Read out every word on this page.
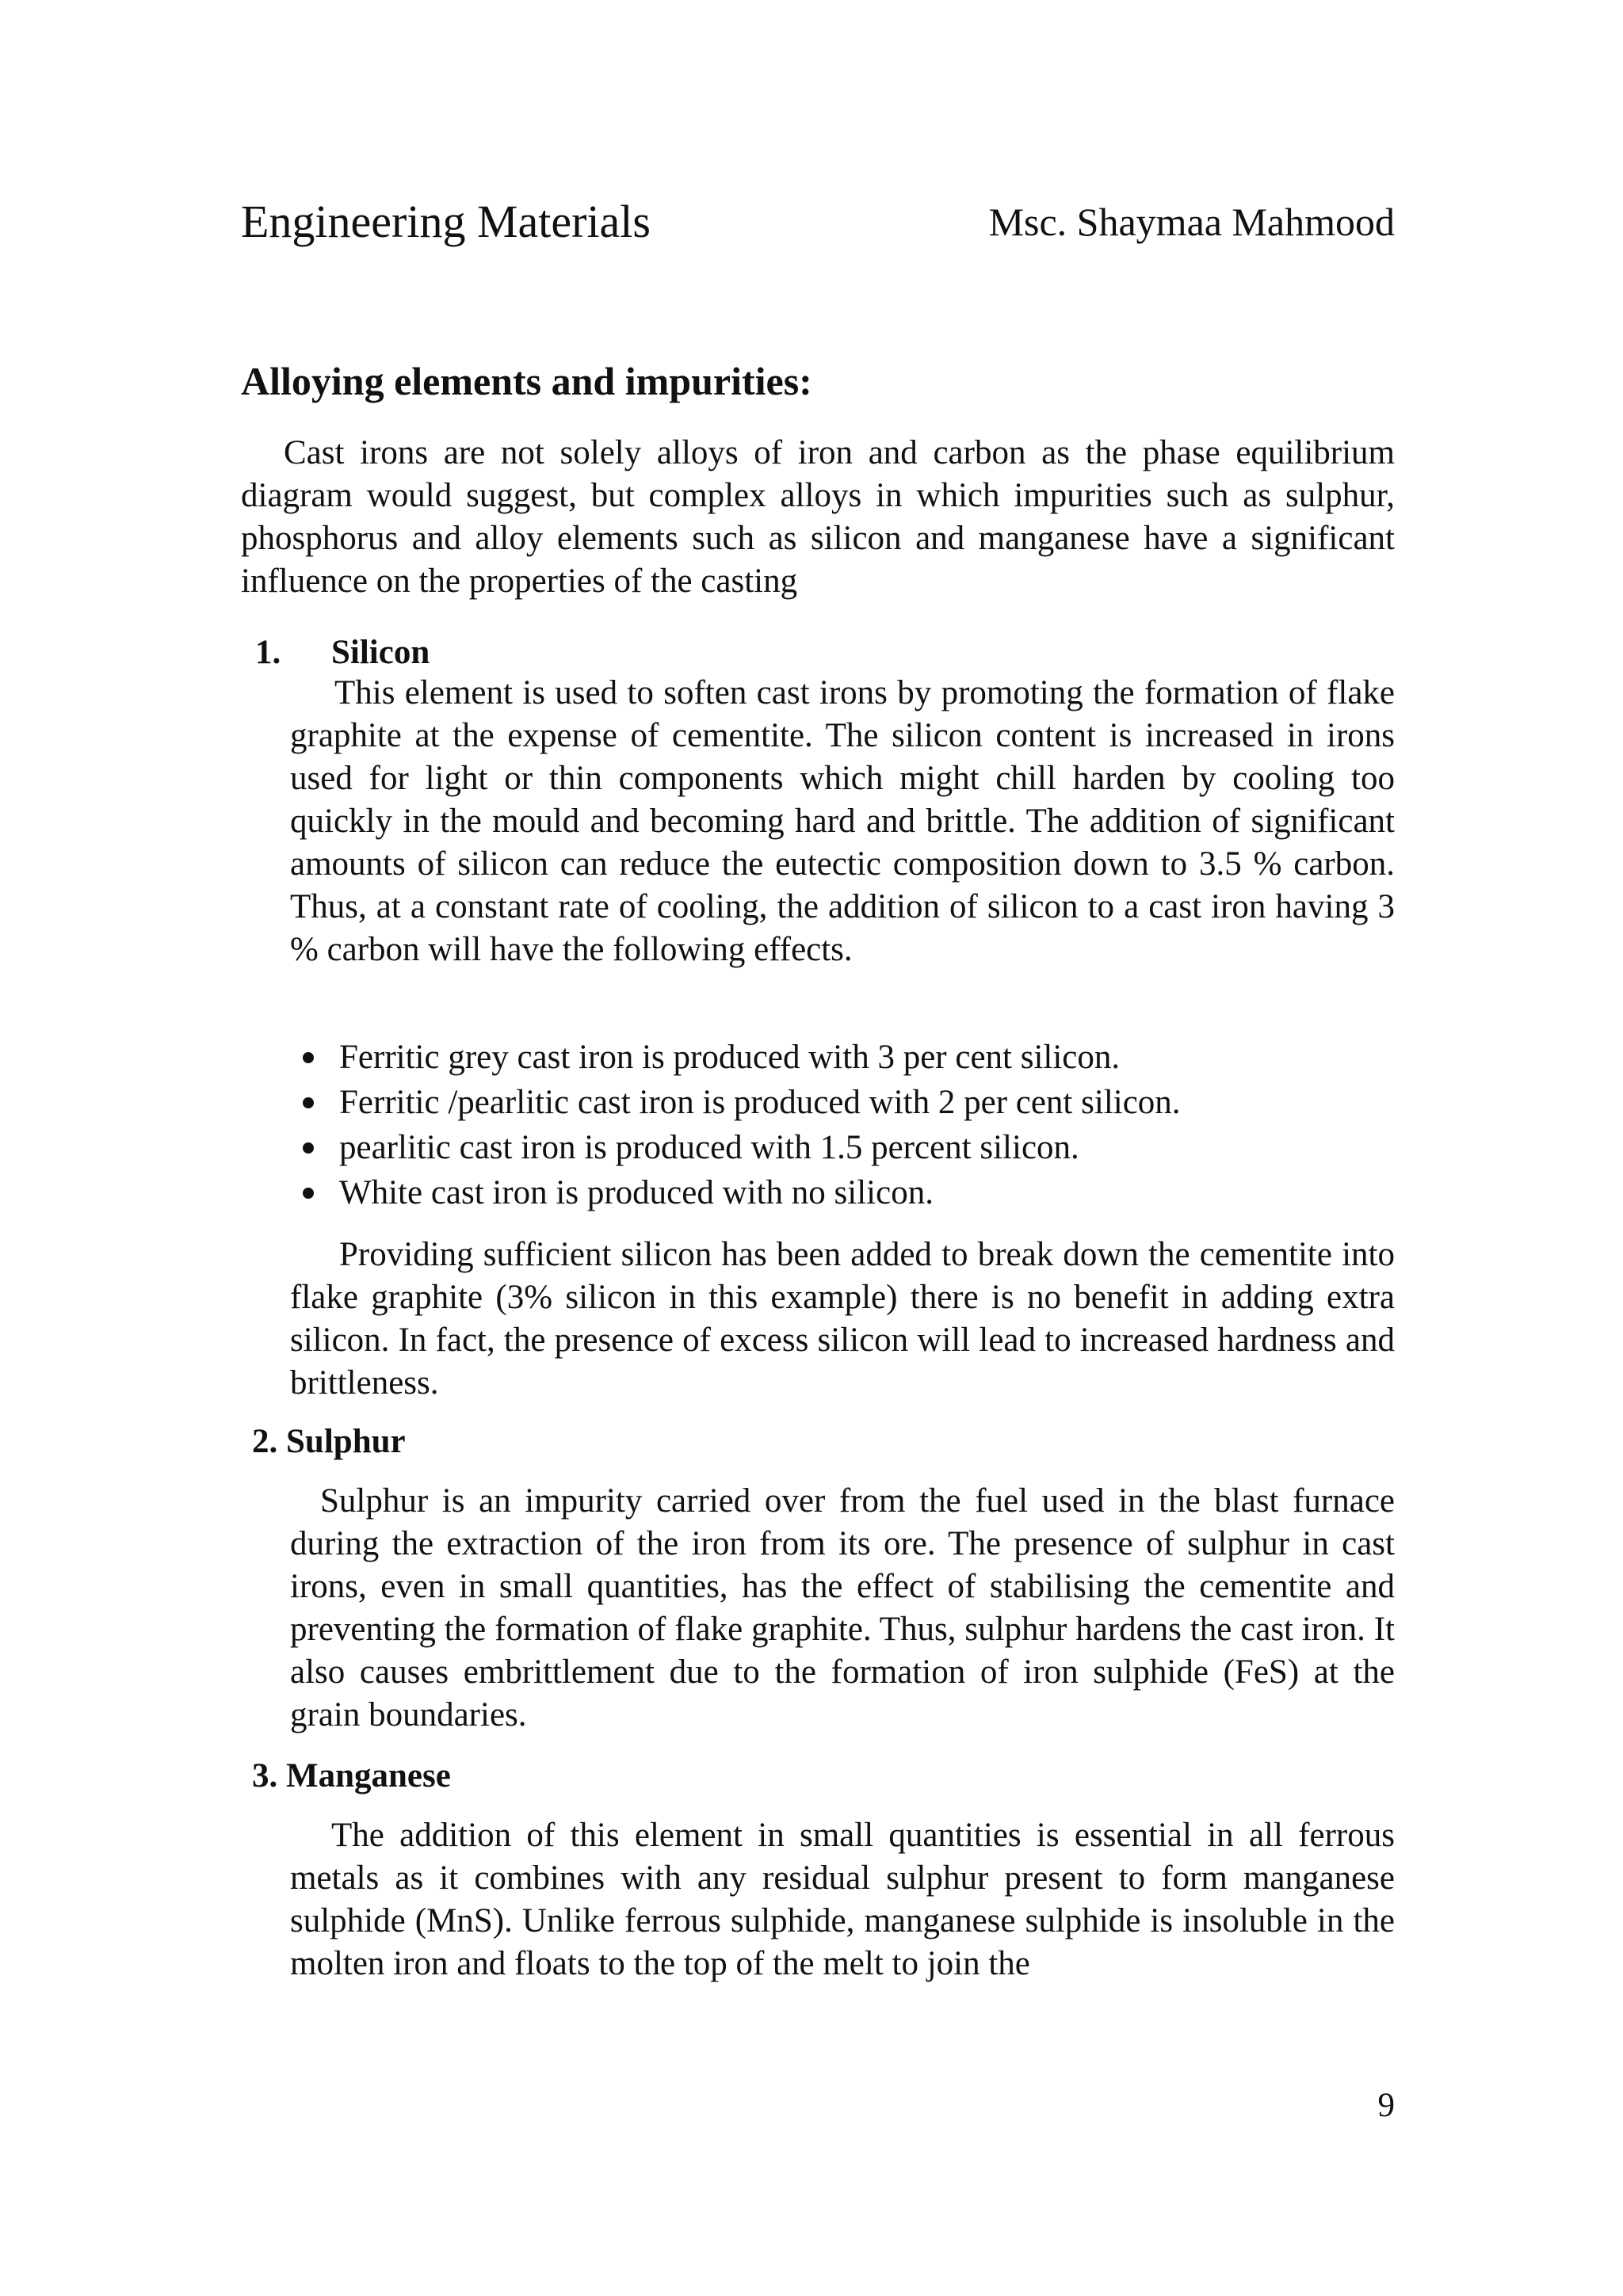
Engineering Materials	Msc. Shaymaa Mahmood
Alloying elements and impurities:

Cast irons are not solely alloys of iron and carbon as the phase equilibrium diagram would suggest, but complex alloys in which impurities such as sulphur, phosphorus and alloy elements such as silicon and manganese have a significant influence on the properties of the casting

1. Silicon

This element is used to soften cast irons by promoting the formation of flake graphite at the expense of cementite. The silicon content is increased in irons used for light or thin components which might chill harden by cooling too quickly in the mould and becoming hard and brittle. The addition of significant amounts of silicon can reduce the eutectic composition down to 3.5 % carbon. Thus, at a constant rate of cooling, the addition of silicon to a cast iron having 3 % carbon will have the following effects.

Ferritic grey cast iron is produced with 3 per cent silicon.
Ferritic /pearlitic cast iron is produced with 2 per cent silicon.
pearlitic cast iron is produced with 1.5 percent silicon.
White cast iron is produced with no silicon.

Providing sufficient silicon has been added to break down the cementite into flake graphite (3% silicon in this example) there is no benefit in adding extra silicon. In fact, the presence of excess silicon will lead to increased hardness and brittleness.

2. Sulphur

Sulphur is an impurity carried over from the fuel used in the blast furnace during the extraction of the iron from its ore. The presence of sulphur in cast irons, even in small quantities, has the effect of stabilising the cementite and preventing the formation of flake graphite. Thus, sulphur hardens the cast iron. It also causes embrittlement due to the formation of iron sulphide (FeS) at the grain boundaries.

3. Manganese

The addition of this element in small quantities is essential in all ferrous metals as it combines with any residual sulphur present to form manganese sulphide (MnS). Unlike ferrous sulphide, manganese sulphide is insoluble in the molten iron and floats to the top of the melt to join the

9
